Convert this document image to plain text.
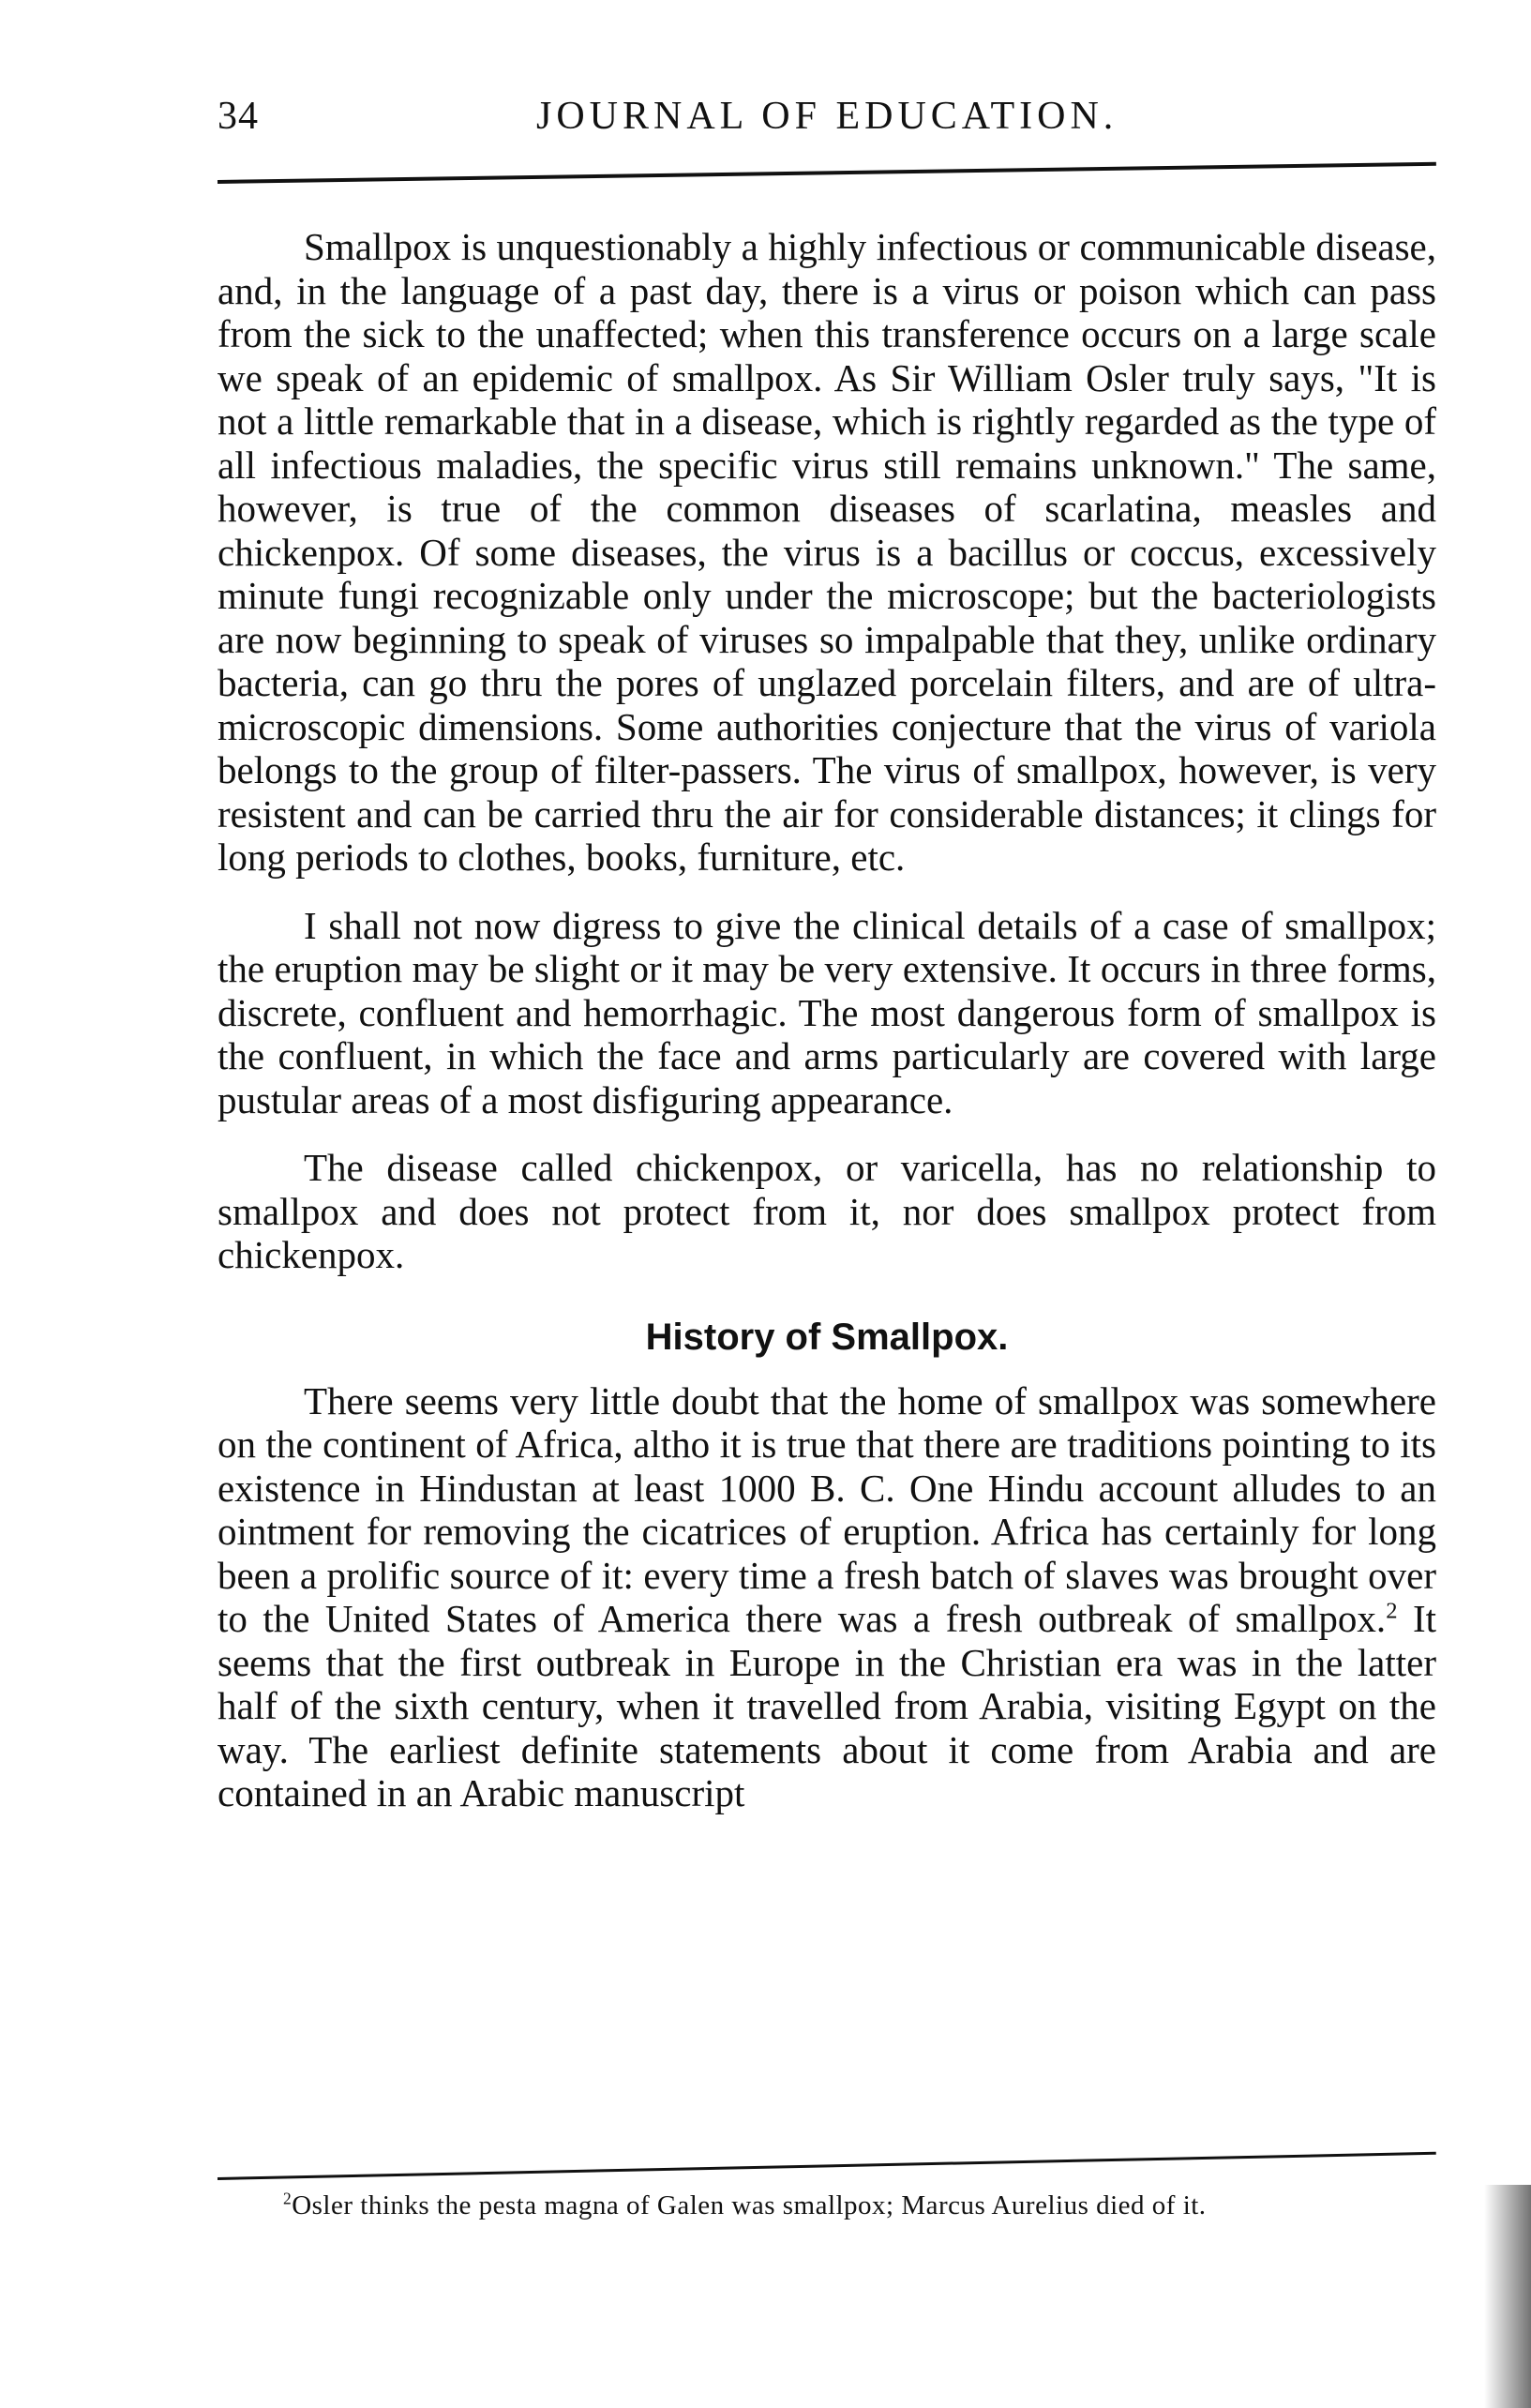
34	JOURNAL OF EDUCATION.

Smallpox is unquestionably a highly infectious or communicable disease, and, in the language of a past day, there is a virus or poison which can pass from the sick to the unaffected; when this transference occurs on a large scale we speak of an epidemic of smallpox. As Sir William Osler truly says, "It is not a little remarkable that in a disease, which is rightly regarded as the type of all infectious maladies, the specific virus still remains unknown." The same, however, is true of the common diseases of scarlatina, measles and chickenpox. Of some diseases, the virus is a bacillus or coccus, excessively minute fungi recognizable only under the microscope; but the bacteriologists are now beginning to speak of viruses so impalpable that they, unlike ordinary bacteria, can go thru the pores of unglazed porcelain filters, and are of ultra-microscopic dimensions. Some authorities conjecture that the virus of variola belongs to the group of filter-passers. The virus of smallpox, however, is very resistent and can be carried thru the air for considerable distances; it clings for long periods to clothes, books, furniture, etc.

I shall not now digress to give the clinical details of a case of smallpox; the eruption may be slight or it may be very extensive. It occurs in three forms, discrete, confluent and hemorrhagic. The most dangerous form of smallpox is the confluent, in which the face and arms particularly are covered with large pustular areas of a most disfiguring appearance.

The disease called chickenpox, or varicella, has no relationship to smallpox and does not protect from it, nor does smallpox protect from chickenpox.

History of Smallpox.

There seems very little doubt that the home of smallpox was somewhere on the continent of Africa, altho it is true that there are traditions pointing to its existence in Hindustan at least 1000 B. C. One Hindu account alludes to an ointment for removing the cicatrices of eruption. Africa has certainly for long been a prolific source of it: every time a fresh batch of slaves was brought over to the United States of America there was a fresh outbreak of smallpox.$^2$ It seems that the first outbreak in Europe in the Christian era was in the latter half of the sixth century, when it travelled from Arabia, visiting Egypt on the way. The earliest definite statements about it come from Arabia and are contained in an Arabic manuscript

$^2$Osler thinks the pesta magna of Galen was smallpox; Marcus Aurelius died of it.
